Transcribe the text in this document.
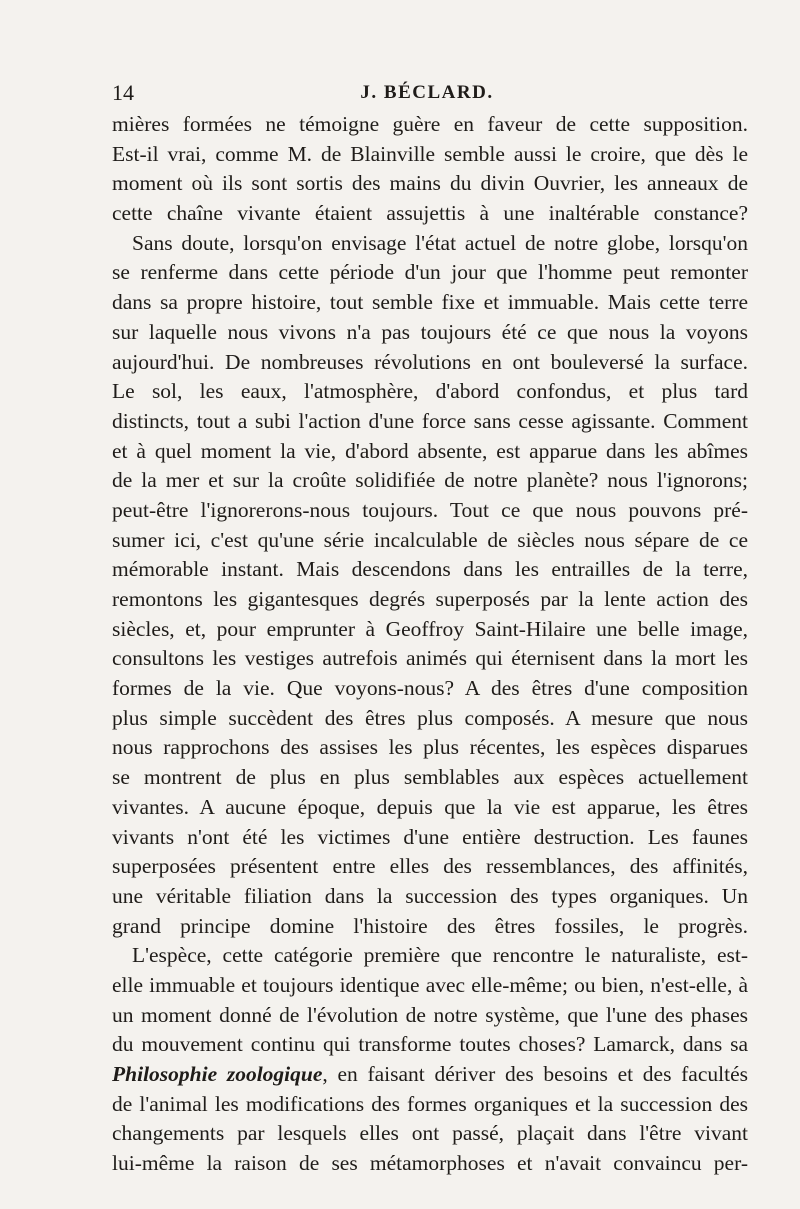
14	J. BÉCLARD.
mières formées ne témoigne guère en faveur de cette supposition.
Est-il vrai, comme M. de Blainville semble aussi le croire, que dès le
moment où ils sont sortis des mains du divin Ouvrier, les anneaux de
cette chaîne vivante étaient assujettis à une inaltérable constance?
Sans doute, lorsqu'on envisage l'état actuel de notre globe, lorsqu'on
se renferme dans cette période d'un jour que l'homme peut remonter
dans sa propre histoire, tout semble fixe et immuable. Mais cette terre
sur laquelle nous vivons n'a pas toujours été ce que nous la voyons
aujourd'hui. De nombreuses révolutions en ont bouleversé la surface.
Le sol, les eaux, l'atmosphère, d'abord confondus, et plus tard
distincts, tout a subi l'action d'une force sans cesse agissante. Comment
et à quel moment la vie, d'abord absente, est apparue dans les abîmes
de la mer et sur la croûte solidifiée de notre planète? nous l'ignorons;
peut-être l'ignorerons-nous toujours. Tout ce que nous pouvons pré-
sumer ici, c'est qu'une série incalculable de siècles nous sépare de ce
mémorable instant. Mais descendons dans les entrailles de la terre,
remontons les gigantesques degrés superposés par la lente action des
siècles, et, pour emprunter à Geoffroy Saint-Hilaire une belle image,
consultons les vestiges autrefois animés qui éternisent dans la mort les
formes de la vie. Que voyons-nous? A des êtres d'une composition
plus simple succèdent des êtres plus composés. A mesure que nous
nous rapprochons des assises les plus récentes, les espèces disparues
se montrent de plus en plus semblables aux espèces actuellement
vivantes. A aucune époque, depuis que la vie est apparue, les êtres
vivants n'ont été les victimes d'une entière destruction. Les faunes
superposées présentent entre elles des ressemblances, des affinités,
une véritable filiation dans la succession des types organiques. Un
grand principe domine l'histoire des êtres fossiles, le progrès.
L'espèce, cette catégorie première que rencontre le naturaliste, est-
elle immuable et toujours identique avec elle-même; ou bien, n'est-elle, à
un moment donné de l'évolution de notre système, que l'une des phases
du mouvement continu qui transforme toutes choses? Lamarck, dans sa
Philosophie zoologique, en faisant dériver des besoins et des facultés
de l'animal les modifications des formes organiques et la succession des
changements par lesquels elles ont passé, plaçait dans l'être vivant
lui-même la raison de ses métamorphoses et n'avait convaincu per-
